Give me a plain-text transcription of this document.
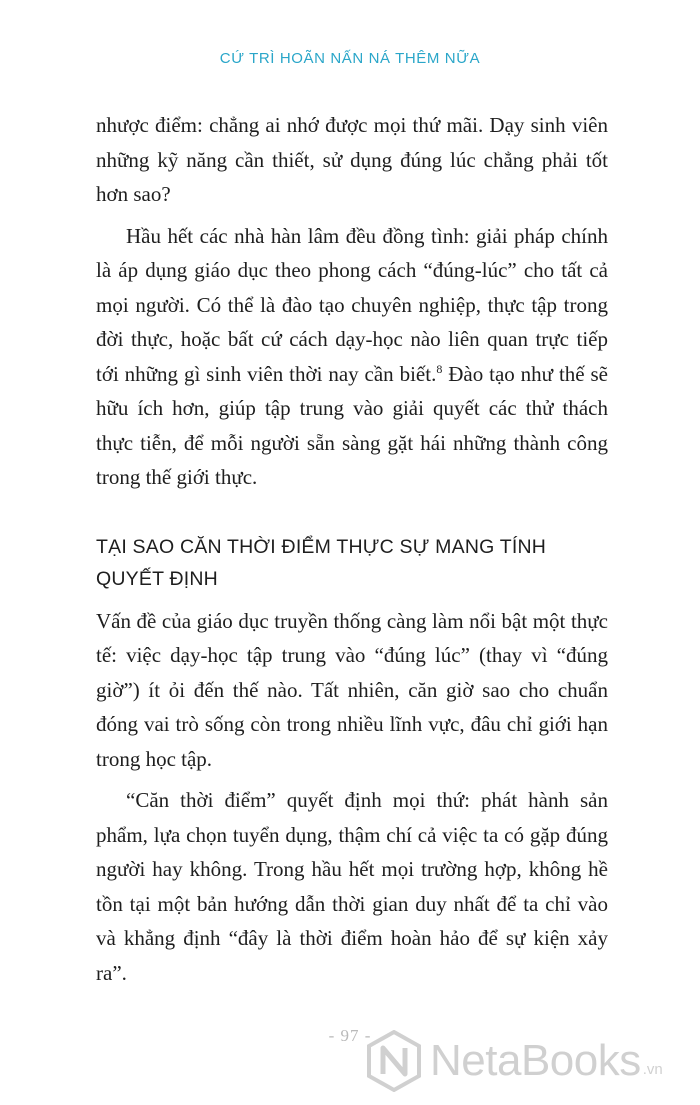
CỨ TRÌ HOÃN NẤN NÁ THÊM NỮA

nhược điểm: chẳng ai nhớ được mọi thứ mãi. Dạy sinh viên những kỹ năng cần thiết, sử dụng đúng lúc chẳng phải tốt hơn sao?

Hầu hết các nhà hàn lâm đều đồng tình: giải pháp chính là áp dụng giáo dục theo phong cách “đúng-lúc” cho tất cả mọi người. Có thể là đào tạo chuyên nghiệp, thực tập trong đời thực, hoặc bất cứ cách dạy-học nào liên quan trực tiếp tới những gì sinh viên thời nay cần biết.$^8$ Đào tạo như thế sẽ hữu ích hơn, giúp tập trung vào giải quyết các thử thách thực tiễn, để mỗi người sẵn sàng gặt hái những thành công trong thế giới thực.

TẠI SAO CĂN THỜI ĐIỂM THỰC SỰ MANG TÍNH QUYẾT ĐỊNH

Vấn đề của giáo dục truyền thống càng làm nổi bật một thực tế: việc dạy-học tập trung vào “đúng lúc” (thay vì “đúng giờ”) ít ỏi đến thế nào. Tất nhiên, căn giờ sao cho chuẩn đóng vai trò sống còn trong nhiều lĩnh vực, đâu chỉ giới hạn trong học tập.

“Căn thời điểm” quyết định mọi thứ: phát hành sản phẩm, lựa chọn tuyển dụng, thậm chí cả việc ta có gặp đúng người hay không. Trong hầu hết mọi trường hợp, không hề tồn tại một bản hướng dẫn thời gian duy nhất để ta chỉ vào và khẳng định “đây là thời điểm hoàn hảo để sự kiện xảy ra”.

- 97 -
NetaBooks .vn
